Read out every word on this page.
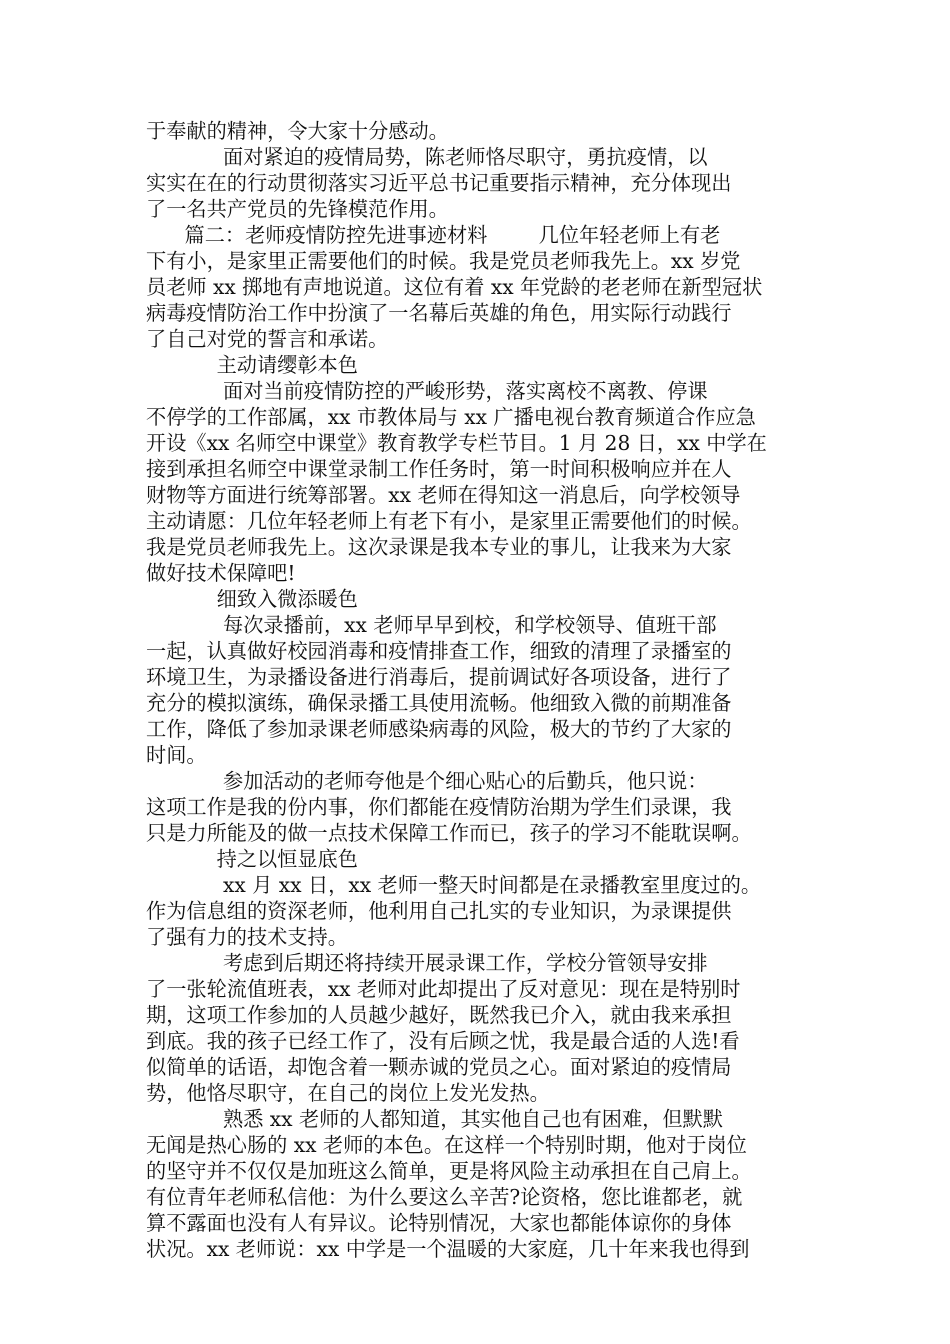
于奉献的精神，令大家十分感动。
面对紧迫的疫情局势，陈老师恪尽职守，勇抗疫情，以
实实在在的行动贯彻落实习近平总书记重要指示精神，充分体现出
了一名共产党员的先锋模范作用。
篇二：老师疫情防控先进事迹材料        几位年轻老师上有老
下有小，是家里正需要他们的时候。我是党员老师我先上。xx 岁党
员老师 xx 掷地有声地说道。这位有着 xx 年党龄的老老师在新型冠状
病毒疫情防治工作中扮演了一名幕后英雄的角色，用实际行动践行
了自己对党的誓言和承诺。
主动请缨彰本色
面对当前疫情防控的严峻形势，落实离校不离教、停课
不停学的工作部属，xx 市教体局与 xx 广播电视台教育频道合作应急
开设《xx 名师空中课堂》教育教学专栏节目。1 月 28 日，xx 中学在
接到承担名师空中课堂录制工作任务时，第一时间积极响应并在人
财物等方面进行统筹部署。xx 老师在得知这一消息后，向学校领导
主动请愿：几位年轻老师上有老下有小，是家里正需要他们的时候。
我是党员老师我先上。这次录课是我本专业的事儿，让我来为大家
做好技术保障吧!
细致入微添暖色
每次录播前，xx 老师早早到校，和学校领导、值班干部
一起，认真做好校园消毒和疫情排查工作，细致的清理了录播室的
环境卫生，为录播设备进行消毒后，提前调试好各项设备，进行了
充分的模拟演练，确保录播工具使用流畅。他细致入微的前期准备
工作，降低了参加录课老师感染病毒的风险，极大的节约了大家的
时间。
参加活动的老师夸他是个细心贴心的后勤兵，他只说：
这项工作是我的份内事，你们都能在疫情防治期为学生们录课，我
只是力所能及的做一点技术保障工作而已，孩子的学习不能耽误啊。
持之以恒显底色
xx 月 xx 日，xx 老师一整天时间都是在录播教室里度过的。
作为信息组的资深老师，他利用自己扎实的专业知识，为录课提供
了强有力的技术支持。
考虑到后期还将持续开展录课工作，学校分管领导安排
了一张轮流值班表，xx 老师对此却提出了反对意见：现在是特别时
期，这项工作参加的人员越少越好，既然我已介入，就由我来承担
到底。我的孩子已经工作了，没有后顾之忧，我是最合适的人选!看
似简单的话语，却饱含着一颗赤诚的党员之心。面对紧迫的疫情局
势，他恪尽职守，在自己的岗位上发光发热。
熟悉 xx 老师的人都知道，其实他自己也有困难，但默默
无闻是热心肠的 xx 老师的本色。在这样一个特别时期，他对于岗位
的坚守并不仅仅是加班这么简单，更是将风险主动承担在自己肩上。
有位青年老师私信他：为什么要这么辛苦?论资格，您比谁都老，就
算不露面也没有人有异议。论特别情况，大家也都能体谅你的身体
状况。xx 老师说：xx 中学是一个温暖的大家庭，几十年来我也得到
